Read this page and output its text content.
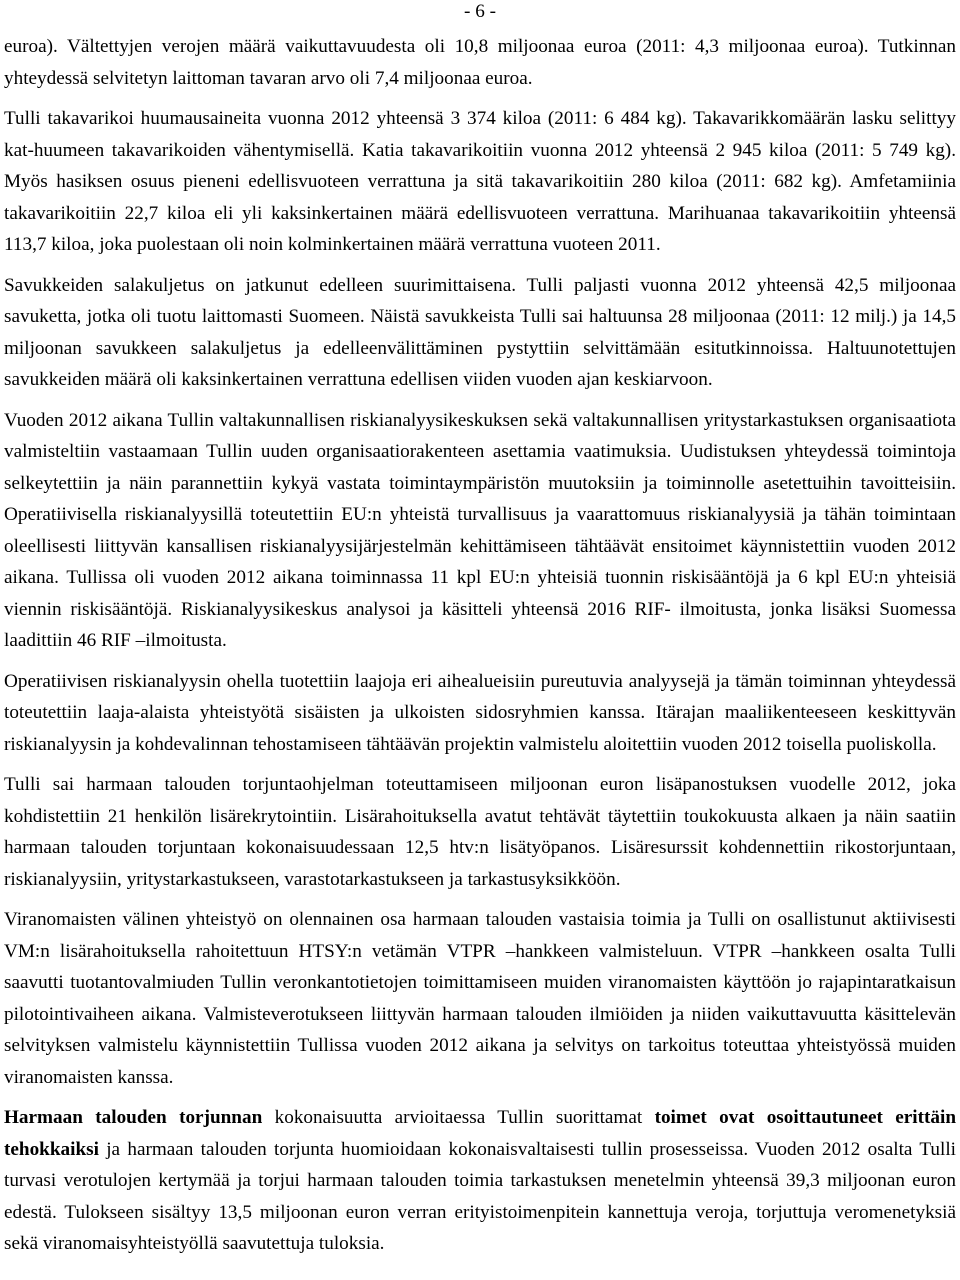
- 6 -

euroa). Vältettyjen verojen määrä vaikuttavuudesta oli 10,8 miljoonaa euroa (2011: 4,3 miljoonaa euroa). Tutkinnan yhteydessä selvitetyn laittoman tavaran arvo oli 7,4 miljoonaa euroa.

Tulli takavarikoi huumausaineita vuonna 2012 yhteensä 3 374 kiloa (2011: 6 484 kg). Takavarikkomäärän lasku selittyy kat-huumeen takavarikoiden vähentymisellä. Katia takavarikoitiin vuonna 2012 yhteensä 2 945 kiloa (2011: 5 749 kg). Myös hasiksen osuus pieneni edellisvuoteen verrattuna ja sitä takavarikoitiin 280 kiloa (2011: 682 kg). Amfetamiinia takavarikoitiin 22,7 kiloa eli yli kaksinkertainen määrä edellisvuoteen verrattuna. Marihuanaa takavarikoitiin yhteensä 113,7 kiloa, joka puolestaan oli noin kolminkertainen määrä verrattuna vuoteen 2011.

Savukkeiden salakuljetus on jatkunut edelleen suurimittaisena. Tulli paljasti vuonna 2012 yhteensä 42,5 miljoonaa savuketta, jotka oli tuotu laittomasti Suomeen. Näistä savukkeista Tulli sai haltuunsa 28 miljoonaa (2011: 12 milj.) ja 14,5 miljoonan savukkeen salakuljetus ja edelleenvälittäminen pystyttiin selvittämään esitutkinnoissa. Haltuunotettujen savukkeiden määrä oli kaksinkertainen verrattuna edellisen viiden vuoden ajan keskiarvoon.

Vuoden 2012 aikana Tullin valtakunnallisen riskianalyysikeskuksen sekä valtakunnallisen yritystarkastuksen organisaatiota valmisteltiin vastaamaan Tullin uuden organisaatiorakenteen asettamia vaatimuksia. Uudistuksen yhteydessä toimintoja selkeytettiin ja näin parannettiin kykyä vastata toimintaympäristön muutoksiin ja toiminnolle asetettuihin tavoitteisiin. Operatiivisella riskianalyysillä toteutettiin EU:n yhteistä turvallisuus ja vaarattomuus riskianalyysiä ja tähän toimintaan oleellisesti liittyvän kansallisen riskianalyysijärjestelmän kehittämiseen tähtäävät ensitoimet käynnistettiin vuoden 2012 aikana. Tullissa oli vuoden 2012 aikana toiminnassa 11 kpl EU:n yhteisiä tuonnin riskisääntöjä ja 6 kpl EU:n yhteisiä viennin riskisääntöjä. Riskianalyysikeskus analysoi ja käsitteli yhteensä 2016 RIF- ilmoitusta, jonka lisäksi Suomessa laadittiin 46 RIF –ilmoitusta.

Operatiivisen riskianalyysin ohella tuotettiin laajoja eri aihealueisiin pureutuvia analyysejä ja tämän toiminnan yhteydessä toteutettiin laaja-alaista yhteistyötä sisäisten ja ulkoisten sidosryhmien kanssa. Itärajan maaliikenteeseen keskittyvän riskianalyysin ja kohdevalinnan tehostamiseen tähtäävän projektin valmistelu aloitettiin vuoden 2012 toisella puoliskolla.

Tulli sai harmaan talouden torjuntaohjelman toteuttamiseen miljoonan euron lisäpanostuksen vuodelle 2012, joka kohdistettiin 21 henkilön lisärekrytointiin. Lisärahoituksella avatut tehtävät täytettiin toukokuusta alkaen ja näin saatiin harmaan talouden torjuntaan kokonaisuudessaan 12,5 htv:n lisätyöpanos. Lisäresurssit kohdennettiin rikostorjuntaan, riskianalyysiin, yritystarkastukseen, varastotarkastukseen ja tarkastusyksikköön.

Viranomaisten välinen yhteistyö on olennainen osa harmaan talouden vastaisia toimia ja Tulli on osallistunut aktiivisesti VM:n lisärahoituksella rahoitettuun HTSY:n vetämän VTPR –hankkeen valmisteluun. VTPR –hankkeen osalta Tulli saavutti tuotantovalmiuden Tullin veronkantotietojen toimittamiseen muiden viranomaisten käyttöön jo rajapintaratkaisun pilotointivaiheen aikana. Valmisteverotukseen liittyvän harmaan talouden ilmiöiden ja niiden vaikuttavuutta käsittelevän selvityksen valmistelu käynnistettiin Tullissa vuoden 2012 aikana ja selvitys on tarkoitus toteuttaa yhteistyössä muiden viranomaisten kanssa.

Harmaan talouden torjunnan kokonaisuutta arvioitaessa Tullin suorittamat toimet ovat osoittautuneet erittäin tehokkaiksi ja harmaan talouden torjunta huomioidaan kokonaisvaltaisesti tullin prosesseissa. Vuoden 2012 osalta Tulli turvasi verotulojen kertymää ja torjui harmaan talouden toimia tarkastuksen menetelmin yhteensä 39,3 miljoonan euron edestä. Tulokseen sisältyy 13,5 miljoonan euron verran erityistoimenpitein kannettuja veroja, torjuttuja veromenetyksiä sekä viranomaisyhteistyöllä saavutettuja tuloksia.
